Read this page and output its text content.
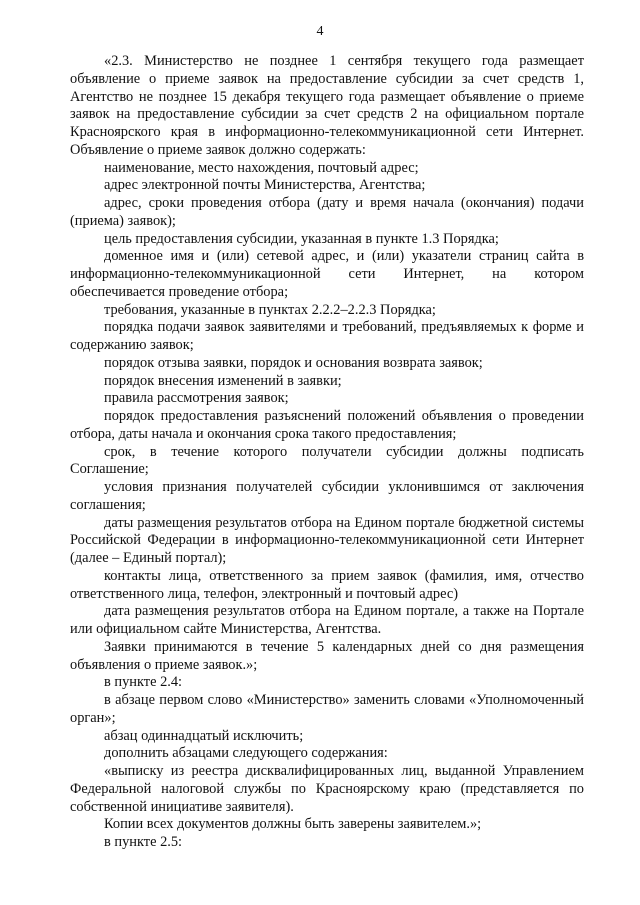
4

«2.3. Министерство не позднее 1 сентября текущего года размещает объявление о приеме заявок на предоставление субсидии за счет средств 1, Агентство не позднее 15 декабря текущего года размещает объявление о приеме заявок на предоставление субсидии за счет средств 2 на официальном портале Красноярского края в информационно-телекоммуникационной сети Интернет. Объявление о приеме заявок должно содержать:

наименование, место нахождения, почтовый адрес;

адрес электронной почты Министерства, Агентства;

адрес, сроки проведения отбора (дату и время начала (окончания) подачи (приема) заявок);

цель предоставления субсидии, указанная в пункте 1.3 Порядка;

доменное имя и (или) сетевой адрес, и (или) указатели страниц сайта в информационно-телекоммуникационной сети Интернет, на котором обеспечивается проведение отбора;

требования, указанные в пунктах 2.2.2–2.2.3 Порядка;

порядка подачи заявок заявителями и требований, предъявляемых к форме и содержанию заявок;

порядок отзыва заявки, порядок и основания возврата заявок;

порядок внесения изменений в заявки;

правила рассмотрения заявок;

порядок предоставления разъяснений положений объявления о проведении отбора, даты начала и окончания срока такого предоставления;

срок, в течение которого получатели субсидии должны подписать Соглашение;

условия признания получателей субсидии уклонившимся от заключения соглашения;

даты размещения результатов отбора на Едином портале бюджетной системы Российской Федерации в информационно-телекоммуникационной сети Интернет (далее – Единый портал);

контакты лица, ответственного за прием заявок (фамилия, имя, отчество ответственного лица, телефон, электронный и почтовый адрес)

дата размещения результатов отбора на Едином портале, а также на Портале или официальном сайте Министерства, Агентства.

Заявки принимаются в течение 5 календарных дней со дня размещения объявления о приеме заявок.»;

в пункте 2.4:

в абзаце первом слово «Министерство» заменить словами «Уполномоченный орган»;

абзац одиннадцатый исключить;

дополнить абзацами следующего содержания:

«выписку из реестра дисквалифицированных лиц, выданной Управлением Федеральной налоговой службы по Красноярскому краю (представляется по собственной инициативе заявителя).

Копии всех документов должны быть заверены заявителем.»;

в пункте 2.5:
